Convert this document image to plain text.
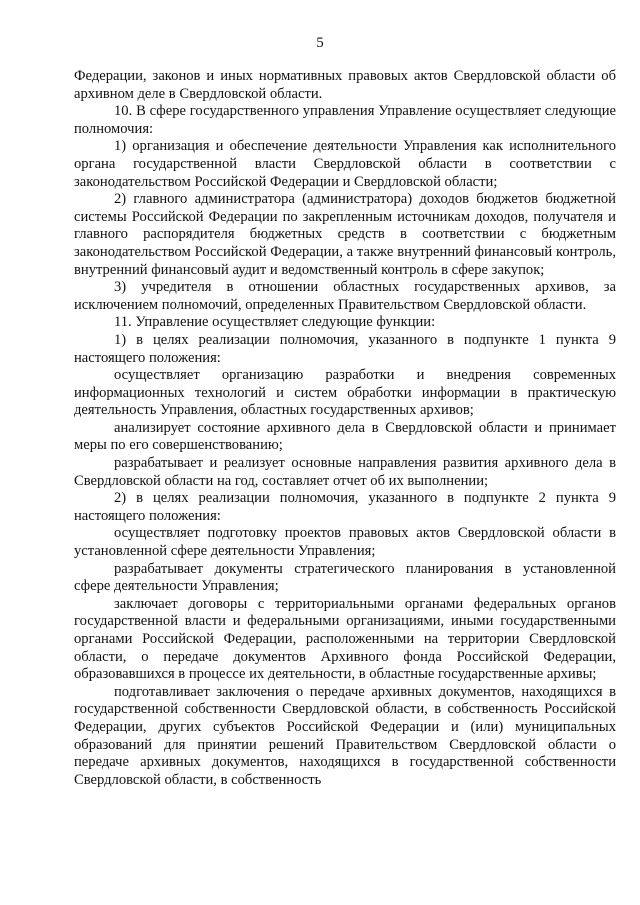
5

Федерации, законов и иных нормативных правовых актов Свердловской области об архивном деле в Свердловской области.

10. В сфере государственного управления Управление осуществляет следующие полномочия:

1) организация и обеспечение деятельности Управления как исполнительного органа государственной власти Свердловской области в соответствии с законодательством Российской Федерации и Свердловской области;

2) главного администратора (администратора) доходов бюджетов бюджетной системы Российской Федерации по закрепленным источникам доходов, получателя и главного распорядителя бюджетных средств в соответствии с бюджетным законодательством Российской Федерации, а также внутренний финансовый контроль, внутренний финансовый аудит и ведомственный контроль в сфере закупок;

3) учредителя в отношении областных государственных архивов, за исключением полномочий, определенных Правительством Свердловской области.

11. Управление осуществляет следующие функции:

1) в целях реализации полномочия, указанного в подпункте 1 пункта 9 настоящего положения:

осуществляет организацию разработки и внедрения современных информационных технологий и систем обработки информации в практическую деятельность Управления, областных государственных архивов;

анализирует состояние архивного дела в Свердловской области и принимает меры по его совершенствованию;

разрабатывает и реализует основные направления развития архивного дела в Свердловской области на год, составляет отчет об их выполнении;

2) в целях реализации полномочия, указанного в подпункте 2 пункта 9 настоящего положения:

осуществляет подготовку проектов правовых актов Свердловской области в установленной сфере деятельности Управления;

разрабатывает документы стратегического планирования в установленной сфере деятельности Управления;

заключает договоры с территориальными органами федеральных органов государственной власти и федеральными организациями, иными государственными органами Российской Федерации, расположенными на территории Свердловской области, о передаче документов Архивного фонда Российской Федерации, образовавшихся в процессе их деятельности, в областные государственные архивы;

подготавливает заключения о передаче архивных документов, находящихся в государственной собственности Свердловской области, в собственность Российской Федерации, других субъектов Российской Федерации и (или) муниципальных образований для принятии решений Правительством Свердловской области о передаче архивных документов, находящихся в государственной собственности Свердловской области, в собственность
